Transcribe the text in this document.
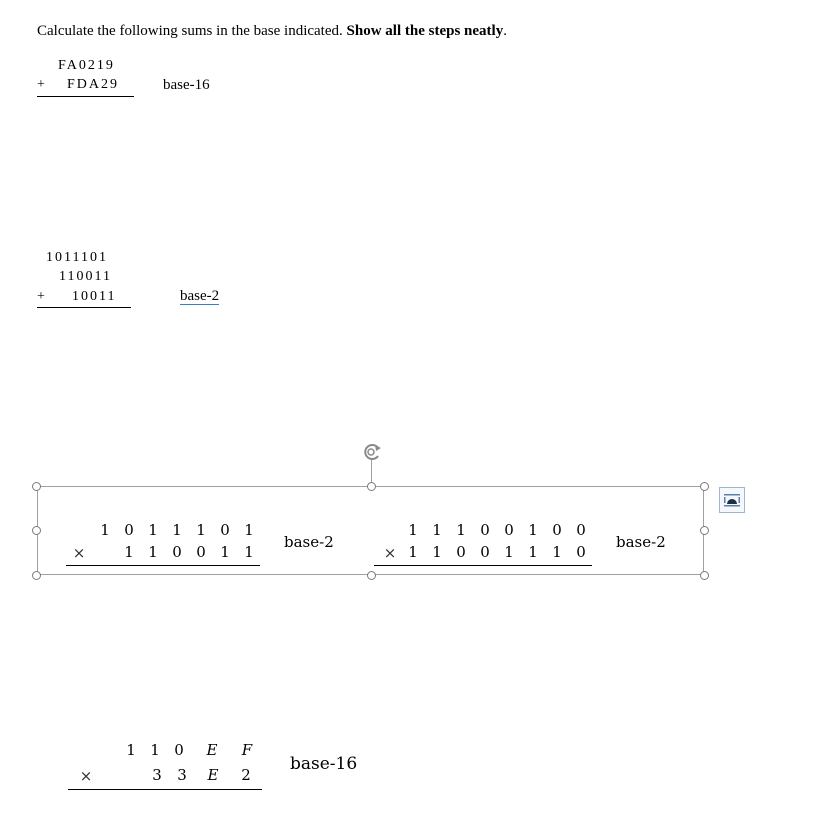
Calculate the following sums in the base indicated. Show all the steps neatly.
FA0219
+ FDA29	base-16
1011101
110011
+ 10011	base-2
1 0 1 1 1 0 1
×	1 1 0 0 1 1
base-2
1 1 1 0 0 1 0 0
× 1 1 0 0 1 1 1 0
base-2
1 1 0	E	F
×	3	3	E	2
base-16
